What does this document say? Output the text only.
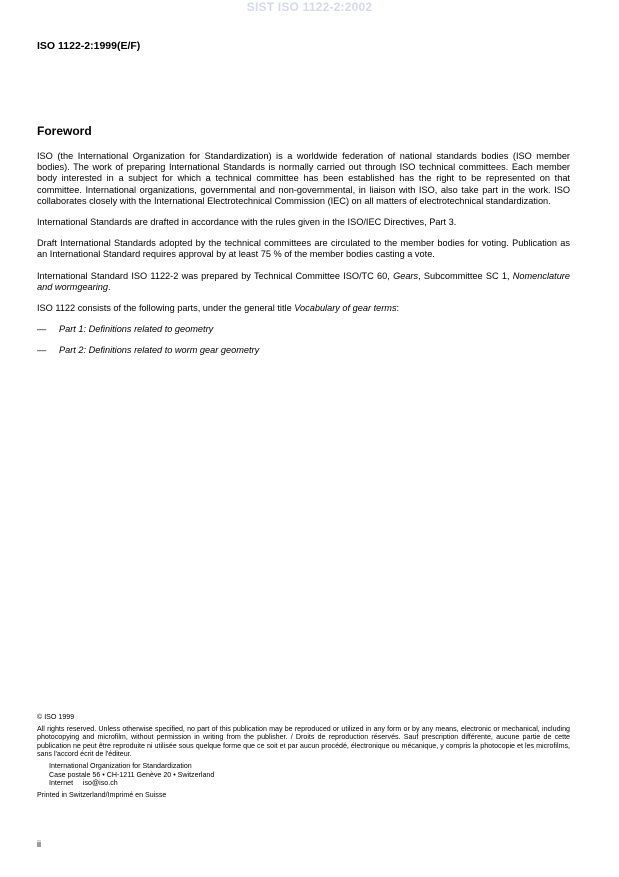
SIST ISO 1122-2:2002
ISO 1122-2:1999(E/F)
Foreword

ISO (the International Organization for Standardization) is a worldwide federation of national standards bodies (ISO member bodies). The work of preparing International Standards is normally carried out through ISO technical committees. Each member body interested in a subject for which a technical committee has been established has the right to be represented on that committee. International organizations, governmental and non-governmental, in liaison with ISO, also take part in the work. ISO collaborates closely with the International Electrotechnical Commission (IEC) on all matters of electrotechnical standardization.

International Standards are drafted in accordance with the rules given in the ISO/IEC Directives, Part 3.

Draft International Standards adopted by the technical committees are circulated to the member bodies for voting. Publication as an International Standard requires approval by at least 75 % of the member bodies casting a vote.

International Standard ISO 1122-2 was prepared by Technical Committee ISO/TC 60, Gears, Subcommittee SC 1, Nomenclature and wormgearing.

ISO 1122 consists of the following parts, under the general title Vocabulary of gear terms:

—	Part 1: Definitions related to geometry
—	Part 2: Definitions related to worm gear geometry

© ISO 1999

All rights reserved. Unless otherwise specified, no part of this publication may be reproduced or utilized in any form or by any means, electronic or mechanical, including photocopying and microfilm, without permission in writing from the publisher. / Droits de reproduction réservés. Sauf prescription différente, aucune partie de cette publication ne peut être reproduite ni utilisée sous quelque forme que ce soit et par aucun procédé, électronique ou mécanique, y compris la photocopie et les microfilms, sans l'accord écrit de l'éditeur.

International Organization for Standardization
Case postale 56 • CH-1211 Genève 20 • Switzerland
Internet     iso@iso.ch

Printed in Switzerland/Imprimé en Suisse

ii
